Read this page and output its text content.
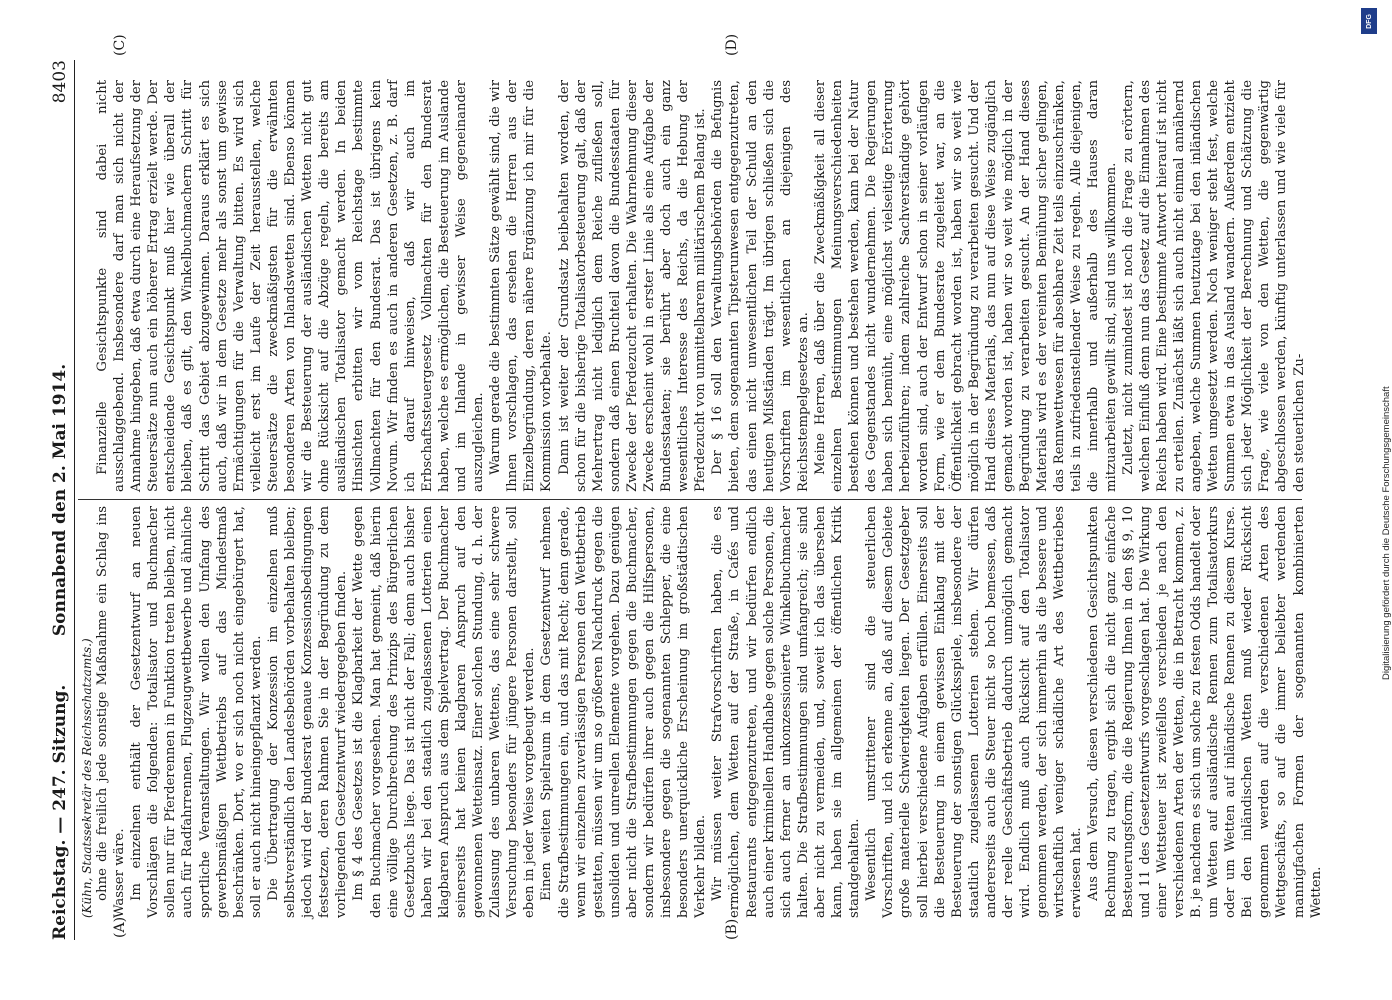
Reichstag. — 247. Sitzung.
Sonnabend den 2. Mai 1914.
8403
(Kühn, Staatssekretär des Reichsschatzamts.)
(A)	(B)
(C)	(D)

ohne die freilich jede sonstige Maßnahme ein Schlag ins Wasser wäre. Im einzelnen enthält der Gesetzentwurf an neuen Vorschlägen die folgenden: Totalisator und Buchmacher sollen nur für Pferderennen in Funktion treten bleiben, nicht auch für Radfahrrennen, Flugzeugwettbewerbe und ähnliche sportliche Veranstaltungen. Wir wollen den Umfang des gewerbsmäßigen Wettbetriebs auf das Mindestmaß beschränken. Dort, wo er sich noch nicht eingebürgert hat, soll er auch nicht hineingepflanzt werden. Die Übertragung der Konzession im einzelnen muß selbstverständlich den Landesbehörden vorbehalten bleiben; jedoch wird der Bundesrat genaue Konzessionsbedingungen festsetzen, deren Rahmen Sie in der Begründung zu dem vorliegenden Gesetzentwurf wiedergegeben finden. Im § 4 des Gesetzes ist die Klagbarkeit der Wette gegen den Buchmacher vorgesehen. Man hat gemeint, daß hierin eine völlige Durchbrechung des Prinzips des Bürgerlichen Gesetzbuchs liege. Das ist nicht der Fall; denn auch bisher haben wir bei den staatlich zugelassenen Lotterien einen klagbaren Anspruch aus dem Spielvertrag. Der Buchmacher seinerseits hat keinen klagbaren Anspruch auf den gewonnenen Wetteinsatz. Einer solchen Stundung, d. h. der Zulassung des unbaren Wettens, das eine sehr schwere Versuchung besonders für jüngere Personen darstellt, soll eben in jeder Weise vorgebeugt werden. Einen weiten Spielraum in dem Gesetzentwurf nehmen die Strafbestimmungen ein, und das mit Recht; denn gerade, wenn wir einzelnen zuverlässigen Personen den Wettbetrieb gestatten, müssen wir um so größeren Nachdruck gegen die unsoliden und unreellen Elemente vorgehen. Dazu genügen aber nicht die Strafbestimmungen gegen die Buchmacher, sondern wir bedürfen ihrer auch gegen die Hilfspersonen, insbesondere gegen die sogenannten Schlepper, die eine besonders unerquickliche Erscheinung im großstädtischen Verkehr bilden. Wir müssen weiter Strafvorschriften haben, die es ermöglichen, dem Wetten auf der Straße, in Cafés und Restaurants entgegenzutreten, und wir bedürfen endlich auch einer kriminellen Handhabe gegen solche Personen, die sich auch ferner an unkonzessionierte Winkelbuchmacher halten. Die Strafbestimmungen sind umfangreich; sie sind aber nicht zu vermeiden, und, soweit ich das übersehen kann, haben sie im allgemeinen der öffentlichen Kritik standgehalten. Wesentlich umstrittener sind die steuerlichen Vorschriften, und ich erkenne an, daß auf diesem Gebiete große materielle Schwierigkeiten liegen. Der Gesetzgeber soll hierbei verschiedene Aufgaben erfüllen. Einerseits soll die Besteuerung in einem gewissen Einklang mit der Besteuerung der sonstigen Glücksspiele, insbesondere der staatlich zugelassenen Lotterien stehen. Wir dürfen andererseits auch die Steuer nicht so hoch bemessen, daß der reelle Geschäftsbetrieb dadurch unmöglich gemacht wird. Endlich muß auch Rücksicht auf den Totalisator genommen werden, der sich immerhin als die bessere und wirtschaftlich weniger schädliche Art des Wettbetriebes erwiesen hat. Aus dem Versuch, diesen verschiedenen Gesichtspunkten Rechnung zu tragen, ergibt sich die nicht ganz einfache Besteuerungsform, die die Regierung Ihnen in den §§ 9, 10 und 11 des Gesetzentwurfs vorgeschlagen hat. Die Wirkung einer Wettsteuer ist zweifellos verschieden je nach den verschiedenen Arten der Wetten, die in Betracht kommen, z. B. je nachdem es sich um solche zu festen Odds handelt oder um Wetten auf ausländische Rennen zum Totalisatorkurs oder um Wetten auf inländische Rennen zu diesem Kurse. Bei den inländischen Wetten muß wieder Rücksicht genommen werden auf die verschiedenen Arten des Wettgeschäfts, so auf die immer beliebter werdenden mannigfachen Formen der sogenannten kombinierten Wetten.

Finanzielle Gesichtspunkte sind dabei nicht ausschlaggebend. Insbesondere darf man sich nicht der Annahme hingeben, daß etwa durch eine Heraufsetzung der Steuersätze nun auch ein höherer Ertrag erzielt werde. Der entscheidende Gesichtspunkt muß hier wie überall der bleiben, daß es gilt, den Winkelbuchmachern Schritt für Schritt das Gebiet abzugewinnen. Daraus erklärt es sich auch, daß wir in dem Gesetze mehr als sonst um gewisse Ermächtigungen für die Verwaltung bitten. Es wird sich vielleicht erst im Laufe der Zeit herausstellen, welche Steuersätze die zweckmäßigsten für die erwähnten besonderen Arten von Inlandswetten sind. Ebenso können wir die Besteuerung der ausländischen Wetten nicht gut ohne Rücksicht auf die Abzüge regeln, die bereits am ausländischen Totalisator gemacht werden. In beiden Hinsichten erbitten wir vom Reichstage bestimmte Vollmachten für den Bundesrat. Das ist übrigens kein Novum. Wir finden es auch in anderen Gesetzen, z. B. darf ich darauf hinweisen, daß wir auch im Erbschaftssteuergesetz Vollmachten für den Bundesrat haben, welche es ermöglichen, die Besteuerung im Auslande und im Inlande in gewisser Weise gegeneinander auszugleichen. Warum gerade die bestimmten Sätze gewählt sind, die wir Ihnen vorschlagen, das ersehen die Herren aus der Einzelbegründung, deren nähere Ergänzung ich mir für die Kommission vorbehalte. Dann ist weiter der Grundsatz beibehalten worden, der schon für die bisherige Totalisatorbesteuerung galt, daß der Mehrertrag nicht lediglich dem Reiche zufließen soll, sondern daß einen Bruchteil davon die Bundesstaaten für Zwecke der Pferdezucht erhalten. Die Wahrnehmung dieser Zwecke erscheint wohl in erster Linie als eine Aufgabe der Bundesstaaten; sie berührt aber doch auch ein ganz wesentliches Interesse des Reichs, da die Hebung der Pferdezucht von unmittelbarem militärischem Belang ist. Der § 16 soll den Verwaltungsbehörden die Befugnis bieten, dem sogenannten Tipsterunwesen entgegenzutreten, das einen nicht unwesentlichen Teil der Schuld an den heutigen Mißständen trägt. Im übrigen schließen sich die Vorschriften im wesentlichen an diejenigen des Reichsstempelgesetzes an. Meine Herren, daß über die Zweckmäßigkeit all dieser einzelnen Bestimmungen Meinungsverschiedenheiten bestehen können und bestehen werden, kann bei der Natur des Gegenstandes nicht wundernehmen. Die Regierungen haben sich bemüht, eine möglichst vielseitige Erörterung herbeizuführen; indem zahlreiche Sachverständige gehört worden sind, auch der Entwurf schon in seiner vorläufigen Form, wie er dem Bundesrate zugeleitet war, an die Öffentlichkeit gebracht worden ist, haben wir so weit wie möglich in der Begründung zu verarbeiten gesucht. Und der Hand dieses Materials, das nun auf diese Weise zugänglich gemacht worden ist, haben wir so weit wie möglich in der Begründung zu verarbeiten gesucht. An der Hand dieses Materials wird es der vereinten Bemühung sicher gelingen, das Rennwettwesen für absehbare Zeit teils einzuschränken, teils in zufriedenstellender Weise zu regeln. Alle diejenigen, die innerhalb und außerhalb des Hauses daran mitzuarbeiten gewillt sind, sind uns willkommen. Zuletzt, nicht zumindest ist noch die Frage zu erörtern, welchen Einfluß denn nun das Gesetz auf die Einnahmen des Reichs haben wird. Eine bestimmte Antwort hierauf ist nicht zu erteilen. Zunächst läßt sich auch nicht einmal annähernd angeben, welche Summen heutzutage bei den inländischen Wetten umgesetzt werden. Noch weniger steht fest, welche Summen etwa in das Ausland wandern. Außerdem entzieht sich jeder Möglichkeit der Berechnung und Schätzung die Frage, wie viele von den Wetten, die gegenwärtig abgeschlossen werden, künftig unterlassen und wie viele für den steuerlichen Zu-

DFG
Digitalisierung gefördert durch die Deutsche Forschungsgemeinschaft
